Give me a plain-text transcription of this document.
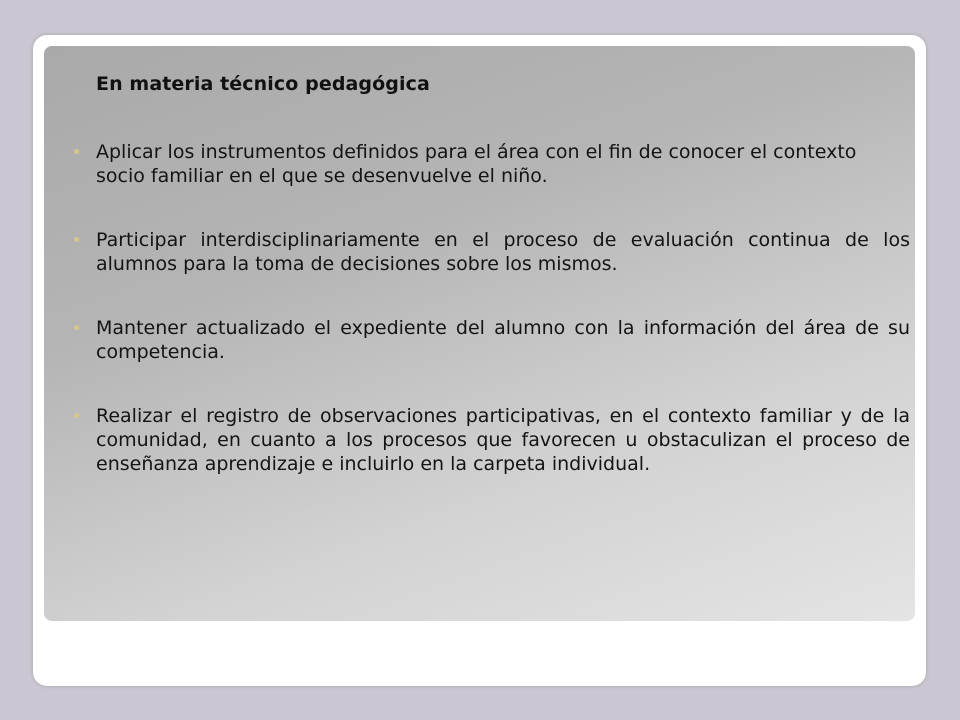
En materia técnico pedagógica
Aplicar los instrumentos definidos para el área con el fin de conocer el contexto socio familiar en el que se desenvuelve el niño.
Participar interdisciplinariamente en el proceso de evaluación continua de los alumnos para la toma de decisiones sobre los mismos.
Mantener actualizado el expediente del alumno con la información del área de su competencia.
Realizar el registro de observaciones participativas, en el contexto familiar y de la comunidad, en cuanto a los procesos que favorecen u obstaculizan el proceso de enseñanza aprendizaje e incluirlo en la carpeta individual.
